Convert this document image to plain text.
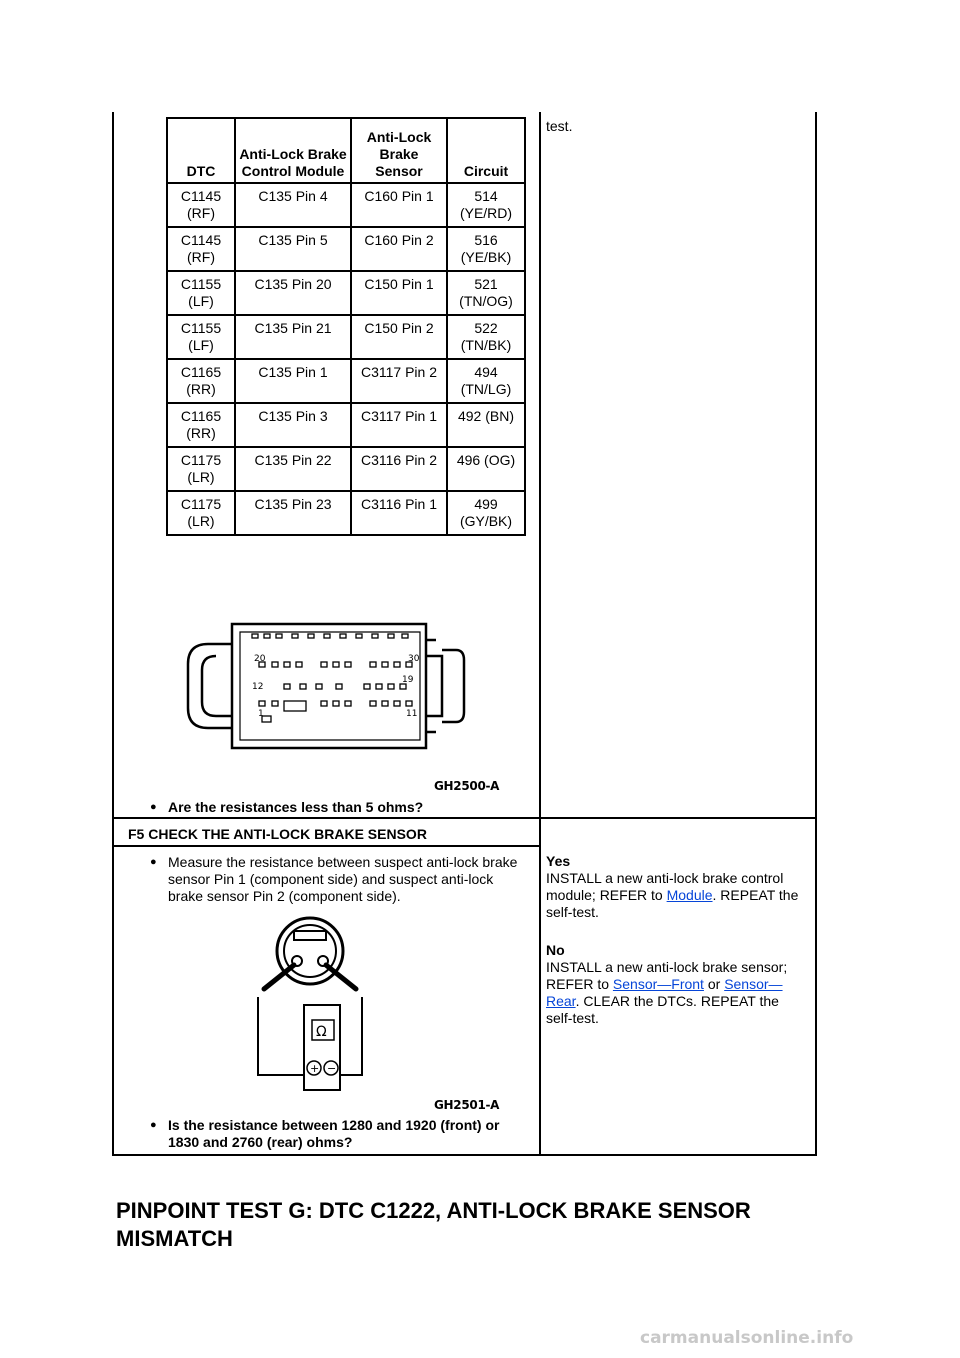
test.
DTC	Anti-Lock Brake Control Module	Anti-Lock Brake Sensor	Circuit
C1145 (RF)	C135 Pin 4	C160 Pin 1	514 (YE/RD)
C1145 (RF)	C135 Pin 5	C160 Pin 2	516 (YE/BK)
C1155 (LF)	C135 Pin 20	C150 Pin 1	521 (TN/OG)
C1155 (LF)	C135 Pin 21	C150 Pin 2	522 (TN/BK)
C1165 (RR)	C135 Pin 1	C3117 Pin 2	494 (TN/LG)
C1165 (RR)	C135 Pin 3	C3117 Pin 1	492 (BN)
C1175 (LR)	C135 Pin 22	C3116 Pin 2	496 (OG)
C1175 (LR)	C135 Pin 23	C3116 Pin 1	499 (GY/BK)
20	30
12
19
1	11
GH2500-A
● Are the resistances less than 5 ohms?
F5 CHECK THE ANTI-LOCK BRAKE SENSOR
● Measure the resistance between suspect anti-lock brake sensor Pin 1 (component side) and suspect anti-lock brake sensor Pin 2 (component side).
Ω
+ −
GH2501-A
● Is the resistance between 1280 and 1920 (front) or 1830 and 2760 (rear) ohms?
Yes
INSTALL a new anti-lock brake control module; REFER to Module. REPEAT the self-test.
No
INSTALL a new anti-lock brake sensor; REFER to Sensor—Front or Sensor—Rear. CLEAR the DTCs. REPEAT the self-test.
PINPOINT TEST G: DTC C1222, ANTI-LOCK BRAKE SENSOR MISMATCH
carmanualsonline.info
